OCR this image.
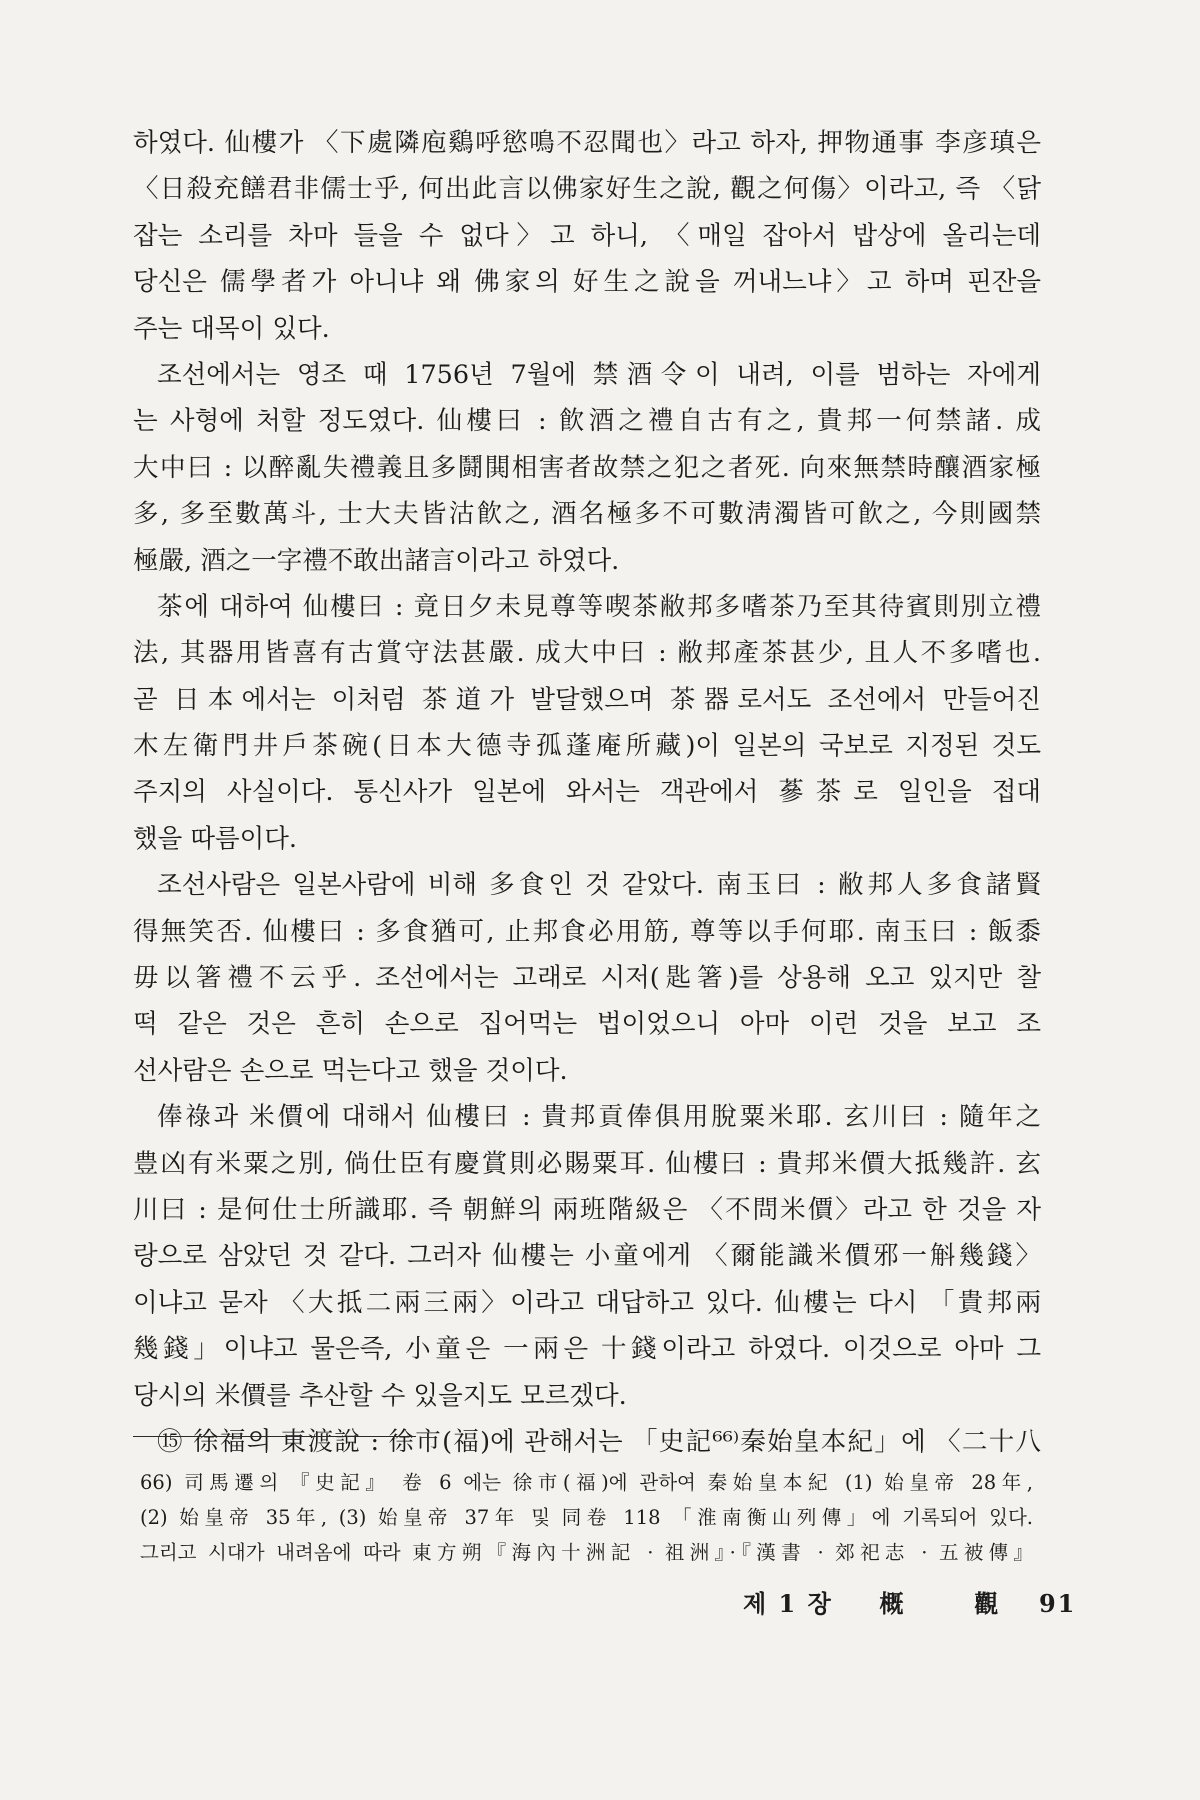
하였다. 仙樓가 〈下處隣庖鷄呼慾鳴不忍聞也〉라고 하자, 押物通事 李彦瑱은
〈日殺充饍君非儒士乎, 何出此言以佛家好生之說, 觀之何傷〉이라고, 즉 〈닭
잡는 소리를 차마 들을 수 없다〉고 하니, 〈매일 잡아서 밥상에 올리는데
당신은 儒學者가 아니냐 왜 佛家의 好生之說을 꺼내느냐〉고 하며 핀잔을
주는 대목이 있다.
조선에서는 영조 때 1756년 7월에 禁酒令이 내려, 이를 범하는 자에게
는 사형에 처할 정도였다. 仙樓曰 : 飮酒之禮自古有之, 貴邦一何禁諸. 成
大中曰 : 以醉亂失禮義且多鬪閧相害者故禁之犯之者死. 向來無禁時釀酒家極
多, 多至數萬斗, 士大夫皆沽飮之, 酒名極多不可數淸濁皆可飮之, 今則國禁
極嚴, 酒之一字禮不敢出諸言이라고 하였다.
茶에 대하여 仙樓曰 : 竟日夕未見尊等喫茶敝邦多嗜茶乃至其待賓則別立禮
法, 其器用皆喜有古賞守法甚嚴. 成大中曰 : 敝邦產茶甚少, 且人不多嗜也.
곧 日本에서는 이처럼 茶道가 발달했으며 茶器로서도 조선에서 만들어진
木左衛門井戶茶碗(日本大德寺孤蓬庵所藏)이 일본의 국보로 지정된 것도
주지의 사실이다. 통신사가 일본에 와서는 객관에서 蔘茶로 일인을 접대
했을 따름이다.
조선사람은 일본사람에 비해 多食인 것 같았다. 南玉曰 : 敝邦人多食諸賢
得無笑否. 仙樓曰 : 多食猶可, 止邦食必用筋, 尊等以手何耶. 南玉曰 : 飯黍
毋以箸禮不云乎. 조선에서는 고래로 시저(匙箸)를 상용해 오고 있지만 찰
떡 같은 것은 흔히 손으로 집어먹는 법이었으니 아마 이런 것을 보고 조
선사람은 손으로 먹는다고 했을 것이다.
俸祿과 米價에 대해서 仙樓曰 : 貴邦貢俸俱用脫粟米耶. 玄川曰 : 隨年之
豊凶有米粟之別, 倘仕臣有慶賞則必賜粟耳. 仙樓曰 : 貴邦米價大抵幾許. 玄
川曰 : 是何仕士所識耶. 즉 朝鮮의 兩班階級은 〈不問米價〉라고 한 것을 자
랑으로 삼았던 것 같다. 그러자 仙樓는 小童에게 〈爾能識米價邪一斛幾錢〉
이냐고 묻자 〈大抵二兩三兩〉이라고 대답하고 있다. 仙樓는 다시 「貴邦兩
幾錢」이냐고 물은즉, 小童은 一兩은 十錢이라고 하였다. 이것으로 아마 그
당시의 米價를 추산할 수 있을지도 모르겠다.
⑮ 徐福의 東渡說 : 徐市(福)에 관해서는 「史記⁶⁶⁾秦始皇本紀」에 〈二十八
66) 司馬遷의 『史記』 卷 6 에는 徐市(福)에 관하여 秦始皇本紀 (1) 始皇帝 28年,
(2) 始皇帝 35年, (3) 始皇帝 37年 및 同卷 118 「淮南衡山列傳」에 기록되어 있다.
그리고 시대가 내려옴에 따라 東方朔『海內十洲記 · 祖洲』·『漢書 · 郊祀志 · 五被傳』
제 1 장 概	觀 91
